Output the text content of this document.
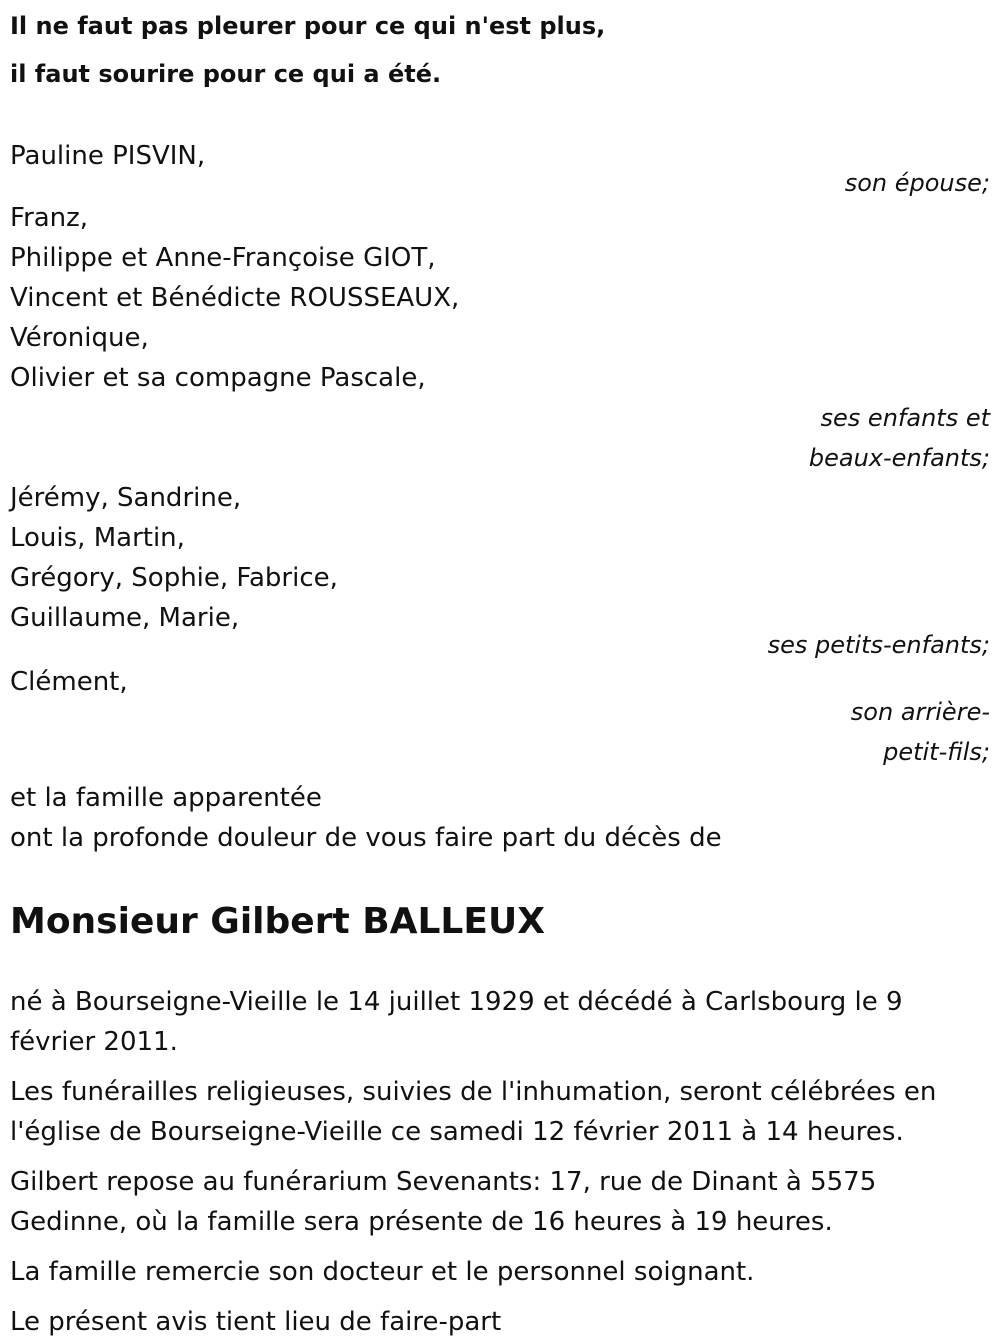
Il ne faut pas pleurer pour ce qui n'est plus,
il faut sourire pour ce qui a été.
Pauline PISVIN,
son épouse;
Franz,
Philippe et Anne-Françoise GIOT,
Vincent et Bénédicte ROUSSEAUX,
Véronique,
Olivier et sa compagne Pascale,
ses enfants et
beaux-enfants;
Jérémy, Sandrine,
Louis, Martin,
Grégory, Sophie, Fabrice,
Guillaume, Marie,
ses petits-enfants;
Clément,
son arrière-
petit-fils;
et la famille apparentée
ont la profonde douleur de vous faire part du décès de
Monsieur Gilbert BALLEUX
né à Bourseigne-Vieille le 14 juillet 1929 et décédé à Carlsbourg le 9 février 2011.
Les funérailles religieuses, suivies de l'inhumation, seront célébrées en l'église de Bourseigne-Vieille ce samedi 12 février 2011 à 14 heures.
Gilbert repose au funérarium Sevenants: 17, rue de Dinant à 5575 Gedinne, où la famille sera présente de 16 heures à 19 heures.
La famille remercie son docteur et le personnel soignant.
Le présent avis tient lieu de faire-part
